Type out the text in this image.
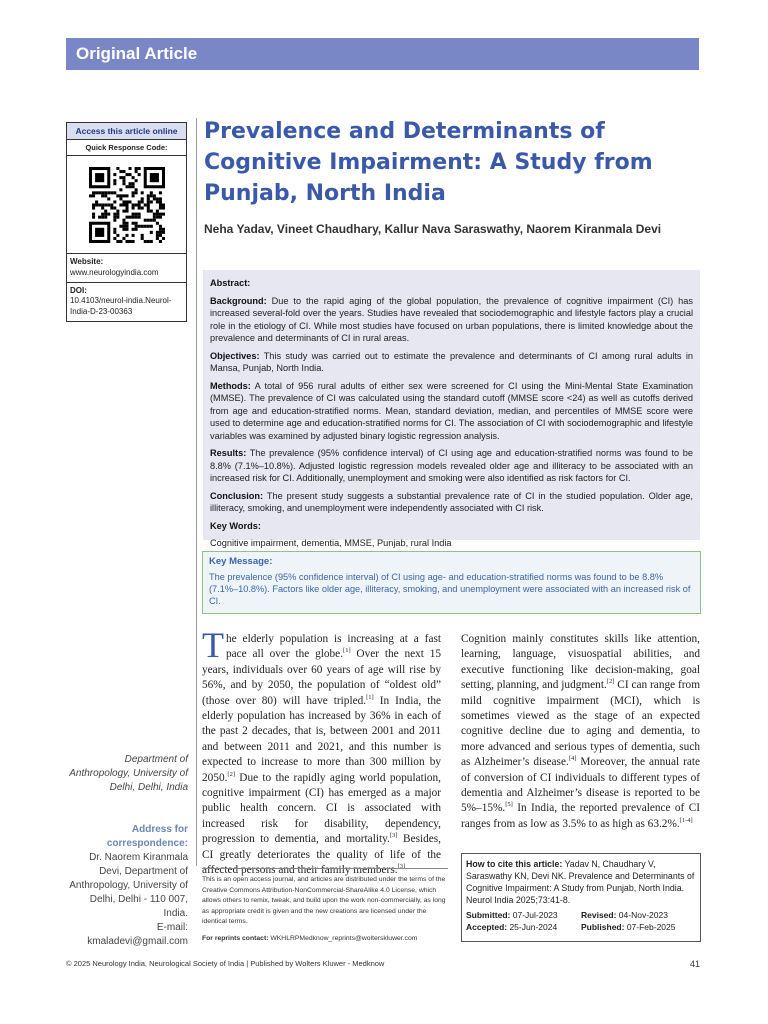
Original Article
Access this article online
Quick Response Code:
Website:
www.neurologyindia.com
DOI:
10.4103/neurol-india.Neurol-India-D-23-00363
Prevalence and Determinants of Cognitive Impairment: A Study from Punjab, North India
Neha Yadav, Vineet Chaudhary, Kallur Nava Saraswathy, Naorem Kiranmala Devi

Abstract:

Background: Due to the rapid aging of the global population, the prevalence of cognitive impairment (CI) has increased several-fold over the years. Studies have revealed that sociodemographic and lifestyle factors play a crucial role in the etiology of CI. While most studies have focused on urban populations, there is limited knowledge about the prevalence and determinants of CI in rural areas.

Objectives: This study was carried out to estimate the prevalence and determinants of CI among rural adults in Mansa, Punjab, North India.

Methods: A total of 956 rural adults of either sex were screened for CI using the Mini-Mental State Examination (MMSE). The prevalence of CI was calculated using the standard cutoff (MMSE score <24) as well as cutoffs derived from age and education-stratified norms. Mean, standard deviation, median, and percentiles of MMSE score were used to determine age and education-stratified norms for CI. The association of CI with sociodemographic and lifestyle variables was examined by adjusted binary logistic regression analysis.

Results: The prevalence (95% confidence interval) of CI using age and education-stratified norms was found to be 8.8% (7.1%–10.8%). Adjusted logistic regression models revealed older age and illiteracy to be associated with an increased risk for CI. Additionally, unemployment and smoking were also identified as risk factors for CI.

Conclusion: The present study suggests a substantial prevalence rate of CI in the studied population. Older age, illiteracy, smoking, and unemployment were independently associated with CI risk.

Key Words:

Cognitive impairment, dementia, MMSE, Punjab, rural India

Key Message:
The prevalence (95% confidence interval) of CI using age- and education-stratified norms was found to be 8.8% (7.1%–10.8%). Factors like older age, illiteracy, smoking, and unemployment were associated with an increased risk of CI.
The elderly population is increasing at a fast pace all over the globe.[1] Over the next 15 years, individuals over 60 years of age will rise by 56%, and by 2050, the population of “oldest old” (those over 80) will have tripled.[1] In India, the elderly population has increased by 36% in each of the past 2 decades, that is, between 2001 and 2011 and between 2011 and 2021, and this number is expected to increase to more than 300 million by 2050.[2] Due to the rapidly aging world population, cognitive impairment (CI) has emerged as a major public health concern. CI is associated with increased risk for disability, dependency, progression to dementia, and mortality.[3] Besides, CI greatly deteriorates the quality of life of the affected persons and their family members.[3]
Cognition mainly constitutes skills like attention, learning, language, visuospatial abilities, and executive functioning like decision-making, goal setting, planning, and judgment.[2] CI can range from mild cognitive impairment (MCI), which is sometimes viewed as the stage of an expected cognitive decline due to aging and dementia, to more advanced and serious types of dementia, such as Alzheimer’s disease.[4] Moreover, the annual rate of conversion of CI individuals to different types of dementia and Alzheimer’s disease is reported to be 5%–15%.[5] In India, the reported prevalence of CI ranges from as low as 3.5% to as high as 63.2%.[1-4]
Department of Anthropology, University of Delhi, Delhi, India
Address for correspondence:
Dr. Naorem Kiranmala Devi, Department of Anthropology, University of Delhi, Delhi - 110 007, India.
E-mail: kmaladevi@gmail.com
This is an open access journal, and articles are distributed under the terms of the Creative Commons Attribution-NonCommercial-ShareAlike 4.0 License, which allows others to remix, tweak, and build upon the work non-commercially, as long as appropriate credit is given and the new creations are licensed under the identical terms.
For reprints contact: WKHLRPMedknow_reprints@wolterskluwer.com

How to cite this article: Yadav N, Chaudhary V, Saraswathy KN, Devi NK. Prevalence and Determinants of Cognitive Impairment: A Study from Punjab, North India. Neurol India 2025;73:41-8.

Submitted: 07-Jul-2023	Revised: 04-Nov-2023
Accepted: 25-Jun-2024	Published: 07-Feb-2025
© 2025 Neurology India, Neurological Society of India | Published by Wolters Kluwer - Medknow	41
